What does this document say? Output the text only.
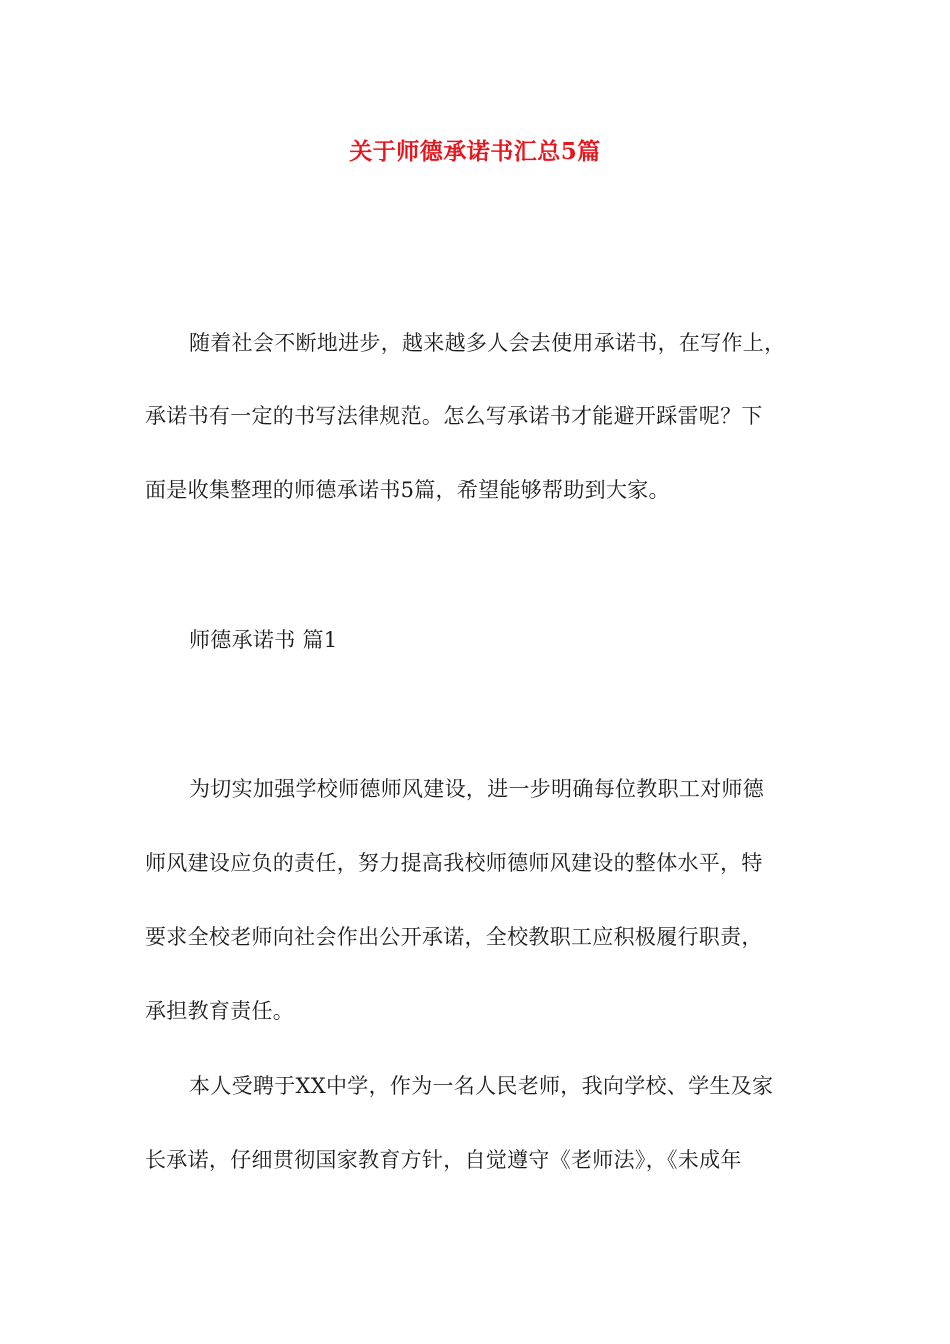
关于师德承诺书汇总5篇
随着社会不断地进步，越来越多人会去使用承诺书，在写作上，
承诺书有一定的书写法律规范。怎么写承诺书才能避开踩雷呢？下
面是收集整理的师德承诺书5篇，希望能够帮助到大家。
师德承诺书 篇1
为切实加强学校师德师风建设，进一步明确每位教职工对师德
师风建设应负的责任，努力提高我校师德师风建设的整体水平，特
要求全校老师向社会作出公开承诺，全校教职工应积极履行职责，
承担教育责任。
本人受聘于XX中学，作为一名人民老师，我向学校、学生及家
长承诺，仔细贯彻国家教育方针，自觉遵守《老师法》，《未成年
